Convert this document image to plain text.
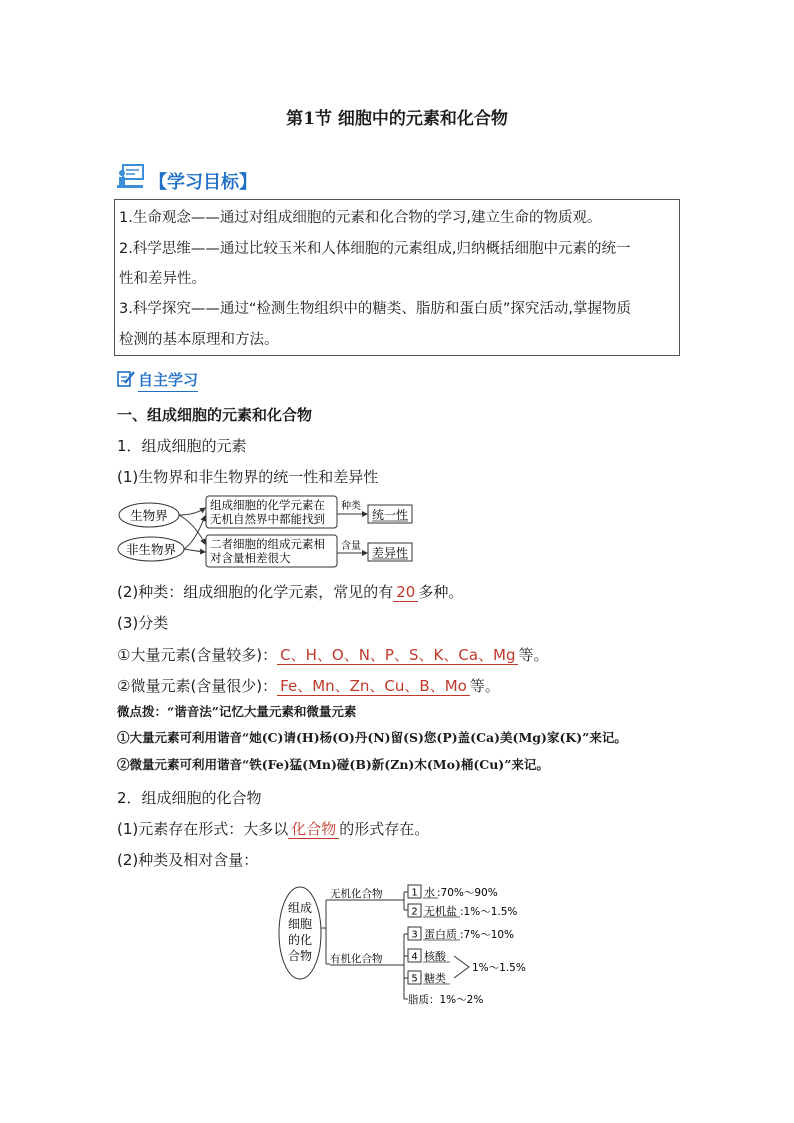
第1节 细胞中的元素和化合物
【学习目标】
1.生命观念——通过对组成细胞的元素和化合物的学习,建立生命的物质观。
2.科学思维——通过比较玉米和人体细胞的元素组成,归纳概括细胞中元素的统一
性和差异性。
3.科学探究——通过“检测生物组织中的糖类、脂肪和蛋白质”探究活动,掌握物质
检测的基本原理和方法。
自主学习
一、组成细胞的元素和化合物
1．组成细胞的元素
(1)生物界和非生物界的统一性和差异性
生物界
非生物界
组成细胞的化学元素在
无机自然界中都能找到
二者细胞的组成元素相
对含量相差很大
种类
含量
统一性
差异性
(2)种类：组成细胞的化学元素，常见的有 20 多种。
(3)分类
①大量元素(含量较多)： C、H、O、N、P、S、K、Ca、Mg 等。
②微量元素(含量很少)： Fe、Mn、Zn、Cu、B、Mo 等。
微点拨：“谐音法”记忆大量元素和微量元素
①大量元素可利用谐音“她(C)请(H)杨(O)丹(N)留(S)您(P)盖(Ca)美(Mg)家(K)”来记。
②微量元素可利用谐音“铁(Fe)猛(Mn)碰(B)新(Zn)木(Mo)桶(Cu)”来记。
2．组成细胞的化合物
(1)元素存在形式：大多以 化合物 的形式存在。
(2)种类及相对含量：
组成
细胞
的化
合物
无机化合物
有机化合物
1 水 :70%～90%
2 无机盐 :1%～1.5%
3 蛋白质 :7%～10%
4 核酸
5 糖类
1%～1.5%
脂质：1%～2%
